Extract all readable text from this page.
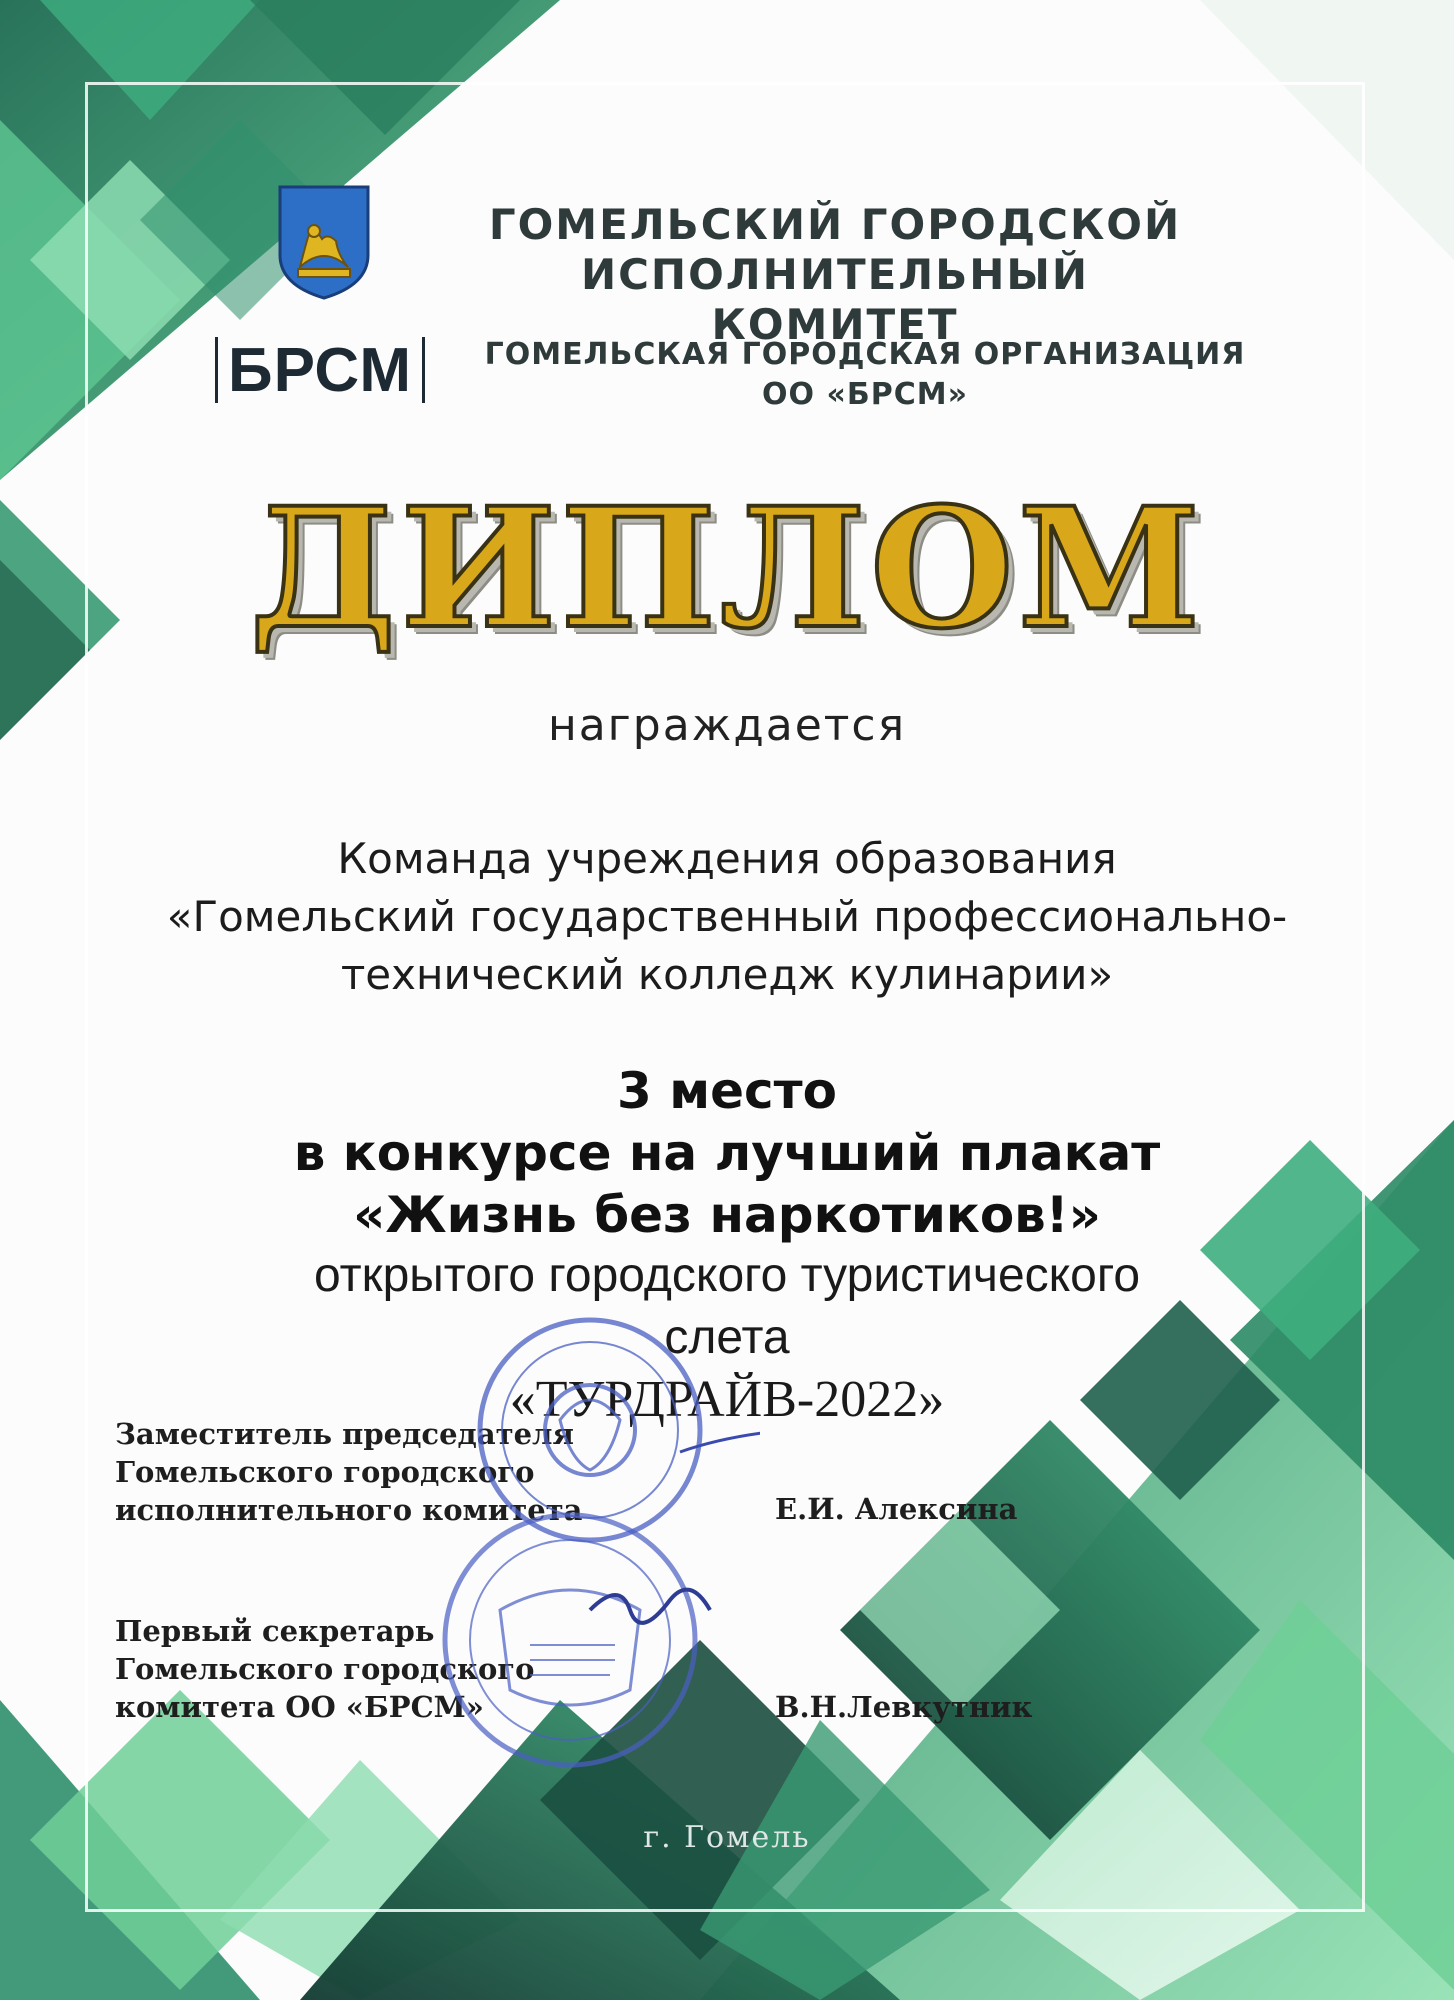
ГОМЕЛЬСКИЙ ГОРОДСКОЙ
ИСПОЛНИТЕЛЬНЫЙ КОМИТЕТ
БРСМ	ГОМЕЛЬСКАЯ ГОРОДСКАЯ ОРГАНИЗАЦИЯ
ОО «БРСМ»
ДИПЛОМ
награждается
Команда учреждения образования
«Гомельский государственный профессионально-
технический колледж кулинарии»
3 место
в конкурсе на лучший плакат
«Жизнь без наркотиков!»
открытого городского туристического
слета
«ТУРДРАЙВ-2022»
Заместитель председателя
Гомельского городского
исполнительного комитета	Е.И. Алексина
Первый секретарь
Гомельского городского
комитета ОО «БРСМ»	В.Н.Левкутник
г. Гомель
